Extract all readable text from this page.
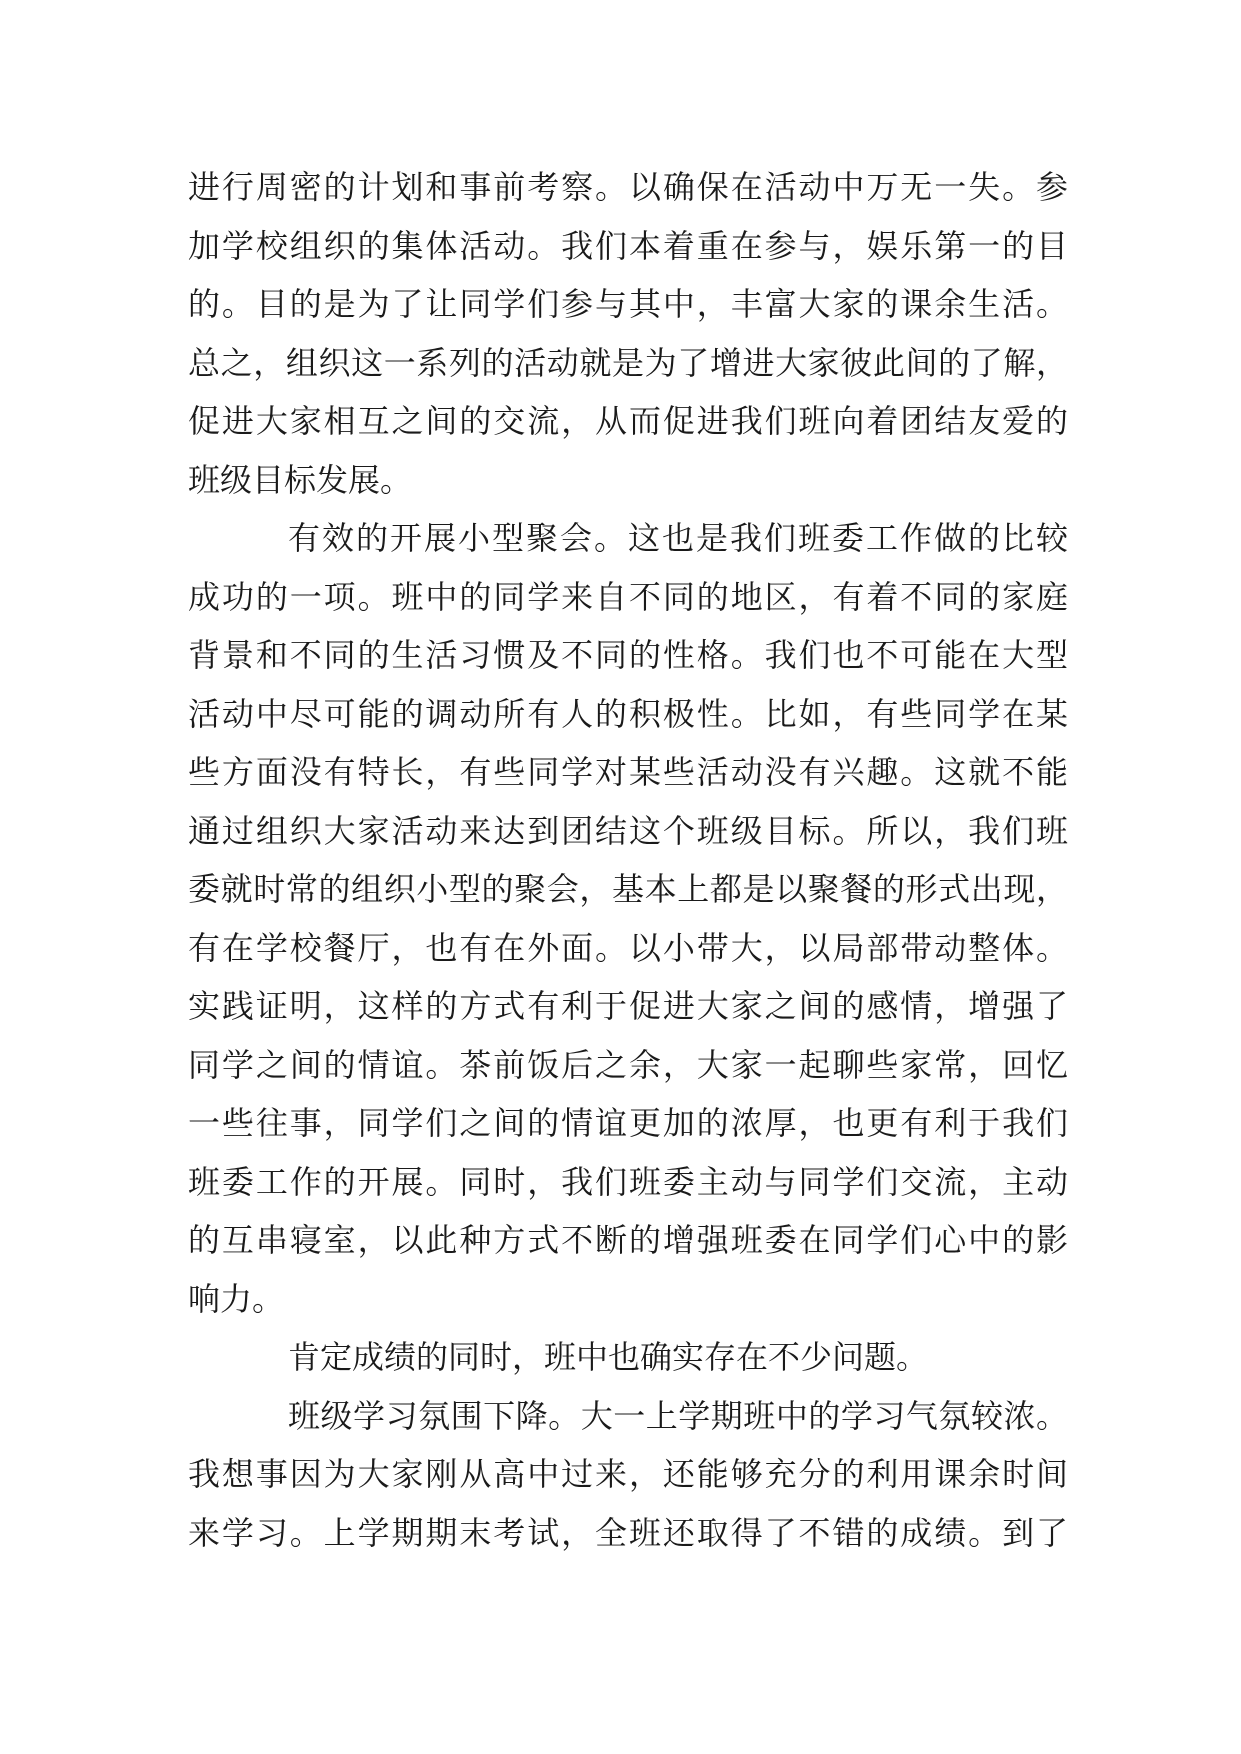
进行周密的计划和事前考察。以确保在活动中万无一失。参
加学校组织的集体活动。我们本着重在参与，娱乐第一的目
的。目的是为了让同学们参与其中，丰富大家的课余生活。
总之，组织这一系列的活动就是为了增进大家彼此间的了解，
促进大家相互之间的交流，从而促进我们班向着团结友爱的
班级目标发展。
有效的开展小型聚会。这也是我们班委工作做的比较
成功的一项。班中的同学来自不同的地区，有着不同的家庭
背景和不同的生活习惯及不同的性格。我们也不可能在大型
活动中尽可能的调动所有人的积极性。比如，有些同学在某
些方面没有特长，有些同学对某些活动没有兴趣。这就不能
通过组织大家活动来达到团结这个班级目标。所以，我们班
委就时常的组织小型的聚会，基本上都是以聚餐的形式出现，
有在学校餐厅，也有在外面。以小带大，以局部带动整体。
实践证明，这样的方式有利于促进大家之间的感情，增强了
同学之间的情谊。茶前饭后之余，大家一起聊些家常，回忆
一些往事，同学们之间的情谊更加的浓厚，也更有利于我们
班委工作的开展。同时，我们班委主动与同学们交流，主动
的互串寝室，以此种方式不断的增强班委在同学们心中的影
响力。
肯定成绩的同时，班中也确实存在不少问题。
班级学习氛围下降。大一上学期班中的学习气氛较浓。
我想事因为大家刚从高中过来，还能够充分的利用课余时间
来学习。上学期期末考试，全班还取得了不错的成绩。到了
